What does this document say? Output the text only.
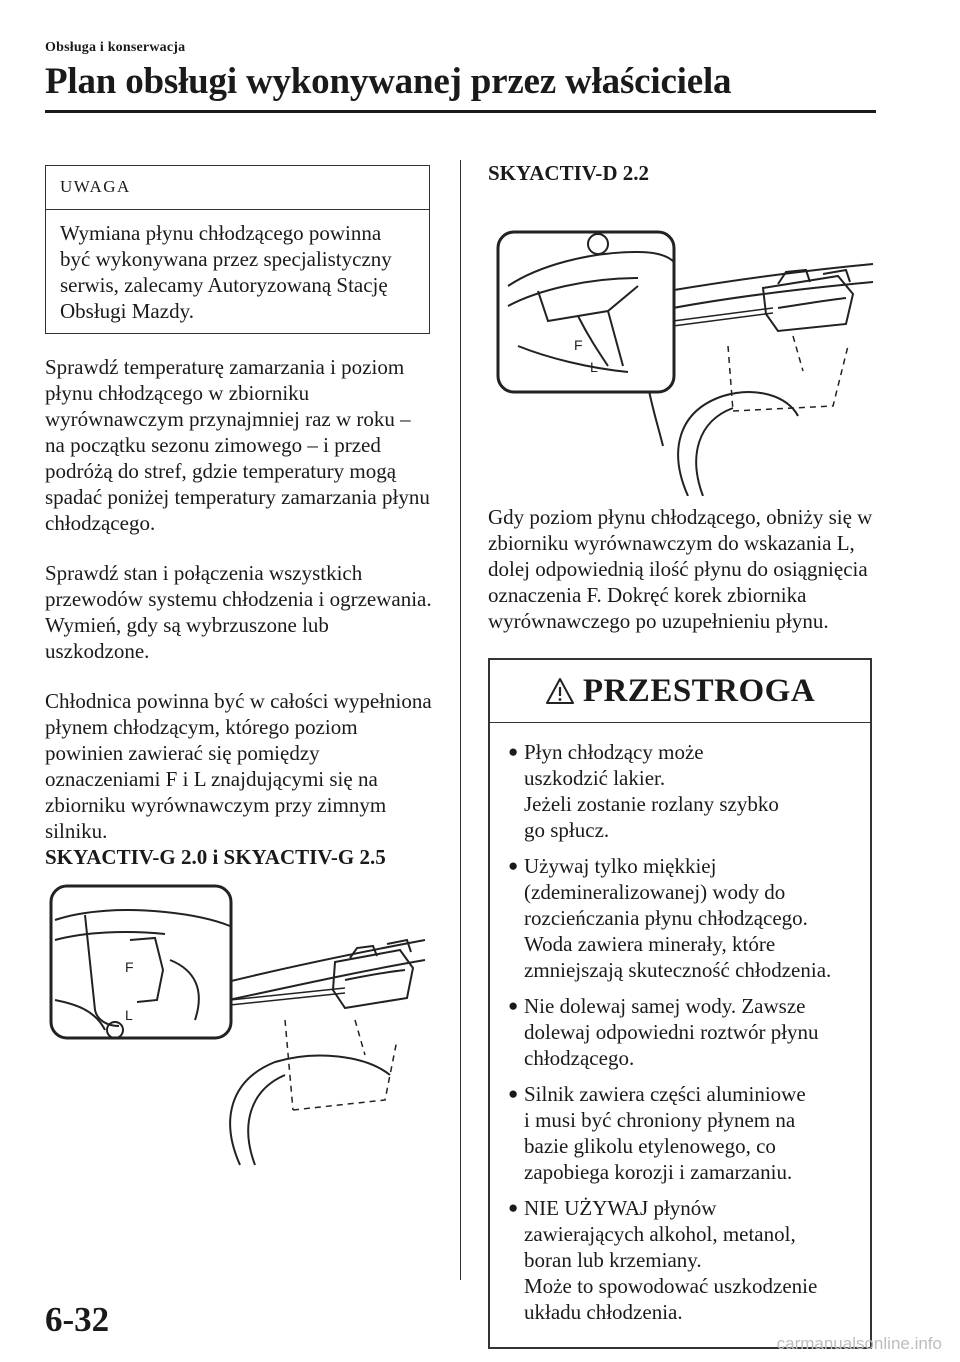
Obsługa i konserwacja
Plan obsługi wykonywanej przez właściciela
UWAGA
Wymiana płynu chłodzącego powinna być wykonywana przez specjalistyczny serwis, zalecamy Autoryzowaną Stację Obsługi Mazdy.

Sprawdź temperaturę zamarzania i poziom płynu chłodzącego w zbiorniku wyrównawczym przynajmniej raz w roku – na początku sezonu zimowego – i przed podróżą do stref, gdzie temperatury mogą spadać poniżej temperatury zamarzania płynu chłodzącego.

Sprawdź stan i połączenia wszystkich przewodów systemu chłodzenia i ogrzewania. Wymień, gdy są wybrzuszone lub uszkodzone.

Chłodnica powinna być w całości wypełniona płynem chłodzącym, którego poziom powinien zawierać się pomiędzy oznaczeniami F i L znajdującymi się na zbiorniku wyrównawczym przy zimnym silniku.

SKYACTIV-G 2.0 i SKYACTIV-G 2.5

F
L

SKYACTIV-D 2.2

F
L

Gdy poziom płynu chłodzącego, obniży się w zbiorniku wyrównawczym do wskazania L, dolej odpowiednią ilość płynu do osiągnięcia oznaczenia F. Dokręć korek zbiornika wyrównawczego po uzupełnieniu płynu.

PRZESTROGA
● Płyn chłodzący może
uszkodzić lakier.
Jeżeli zostanie rozlany szybko
go spłucz.
● Używaj tylko miękkiej
(zdemineralizowanej) wody do
rozcieńczania płynu chłodzącego.
Woda zawiera minerały, które
zmniejszają skuteczność chłodzenia.
● Nie dolewaj samej wody. Zawsze
dolewaj odpowiedni roztwór płynu
chłodzącego.
● Silnik zawiera części aluminiowe
i musi być chroniony płynem na
bazie glikolu etylenowego, co
zapobiega korozji i zamarzaniu.
● NIE UŻYWAJ płynów
zawierających alkohol, metanol,
boran lub krzemiany.
Może to spowodować uszkodzenie
układu chłodzenia.
6-32
carmanualsonline.info
